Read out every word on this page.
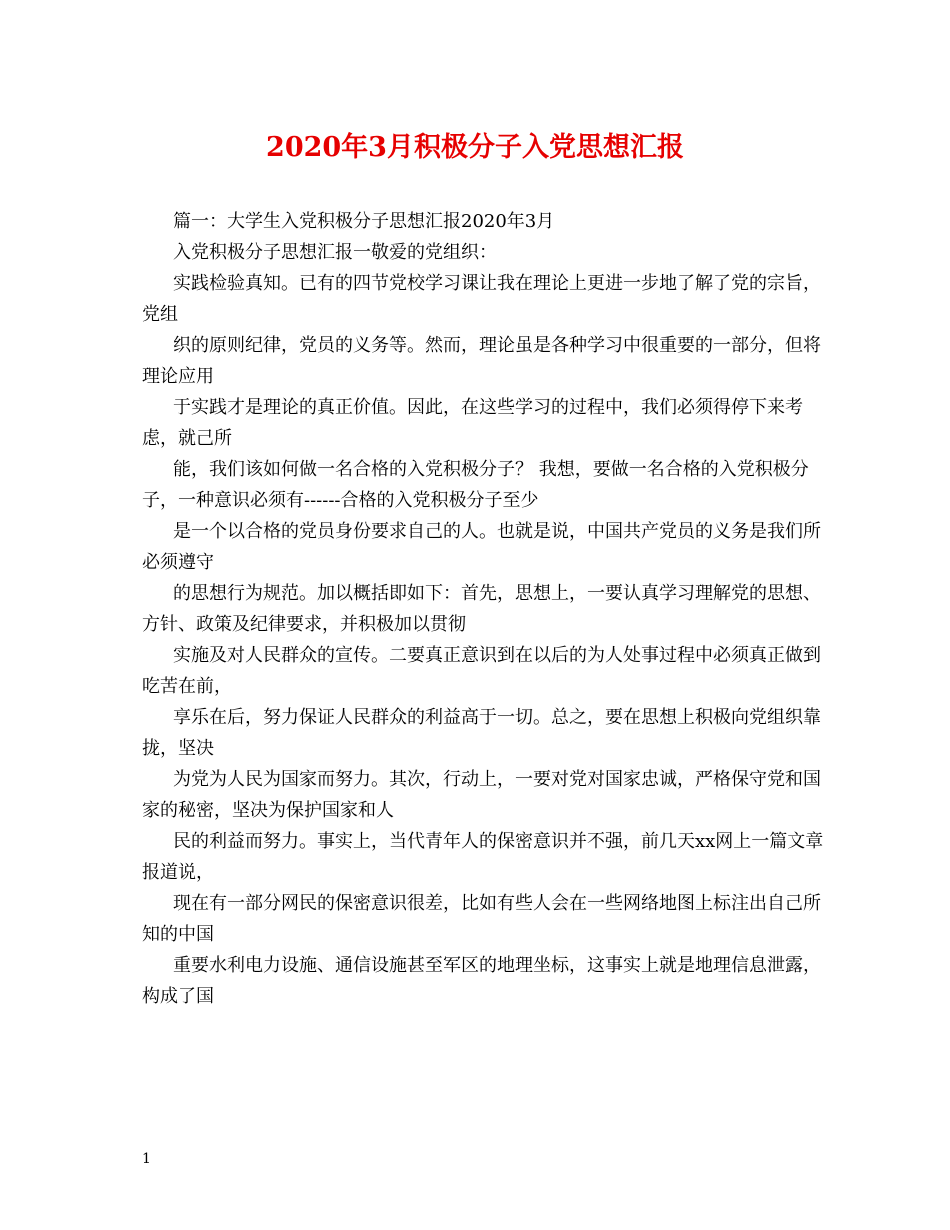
2020年3月积极分子入党思想汇报

篇一：大学生入党积极分子思想汇报2020年3月

入党积极分子思想汇报一敬爱的党组织：

实践检验真知。已有的四节党校学习课让我在理论上更进一步地了解了党的宗旨，党组

织的原则纪律，党员的义务等。然而，理论虽是各种学习中很重要的一部分，但将理论应用

于实践才是理论的真正价值。因此，在这些学习的过程中，我们必须得停下来考虑，就己所

能，我们该如何做一名合格的入党积极分子？ 我想，要做一名合格的入党积极分子，一种意识必须有------合格的入党积极分子至少

是一个以合格的党员身份要求自己的人。也就是说，中国共产党员的义务是我们所必须遵守

的思想行为规范。加以概括即如下：首先，思想上，一要认真学习理解党的思想、方针、政策及纪律要求，并积极加以贯彻

实施及对人民群众的宣传。二要真正意识到在以后的为人处事过程中必须真正做到吃苦在前，

享乐在后，努力保证人民群众的利益高于一切。总之，要在思想上积极向党组织靠拢，坚决

为党为人民为国家而努力。其次，行动上，一要对党对国家忠诚，严格保守党和国家的秘密，坚决为保护国家和人

民的利益而努力。事实上，当代青年人的保密意识并不强，前几天xx网上一篇文章报道说，

现在有一部分网民的保密意识很差，比如有些人会在一些网络地图上标注出自己所知的中国

重要水利电力设施、通信设施甚至军区的地理坐标，这事实上就是地理信息泄露，构成了国

1
